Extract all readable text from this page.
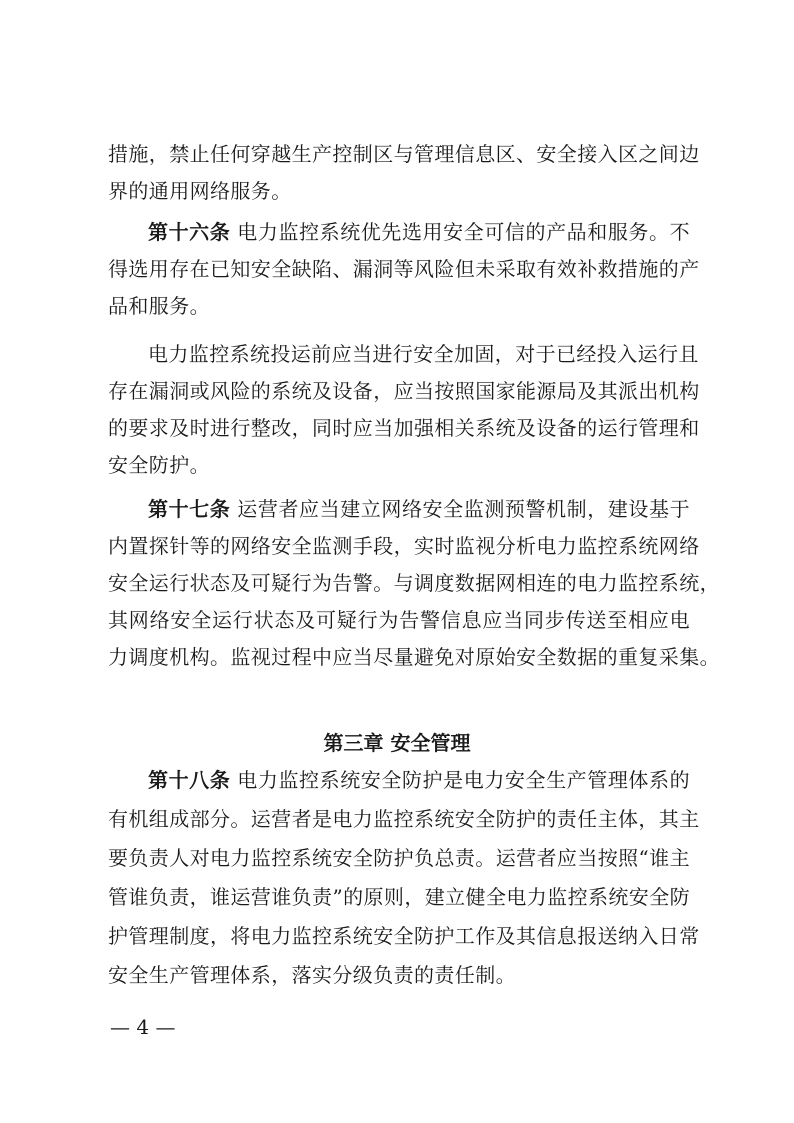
措施，禁止任何穿越生产控制区与管理信息区、安全接入区之间边
界的通用网络服务。
第十六条 电力监控系统优先选用安全可信的产品和服务。不
得选用存在已知安全缺陷、漏洞等风险但未采取有效补救措施的产
品和服务。
电力监控系统投运前应当进行安全加固，对于已经投入运行且
存在漏洞或风险的系统及设备，应当按照国家能源局及其派出机构
的要求及时进行整改，同时应当加强相关系统及设备的运行管理和
安全防护。
第十七条 运营者应当建立网络安全监测预警机制，建设基于
内置探针等的网络安全监测手段，实时监视分析电力监控系统网络
安全运行状态及可疑行为告警。与调度数据网相连的电力监控系统，
其网络安全运行状态及可疑行为告警信息应当同步传送至相应电
力调度机构。监视过程中应当尽量避免对原始安全数据的重复采集。
第三章 安全管理
第十八条 电力监控系统安全防护是电力安全生产管理体系的
有机组成部分。运营者是电力监控系统安全防护的责任主体，其主
要负责人对电力监控系统安全防护负总责。运营者应当按照“谁主
管谁负责，谁运营谁负责”的原则，建立健全电力监控系统安全防
护管理制度，将电力监控系统安全防护工作及其信息报送纳入日常
安全生产管理体系，落实分级负责的责任制。
— 4 —
